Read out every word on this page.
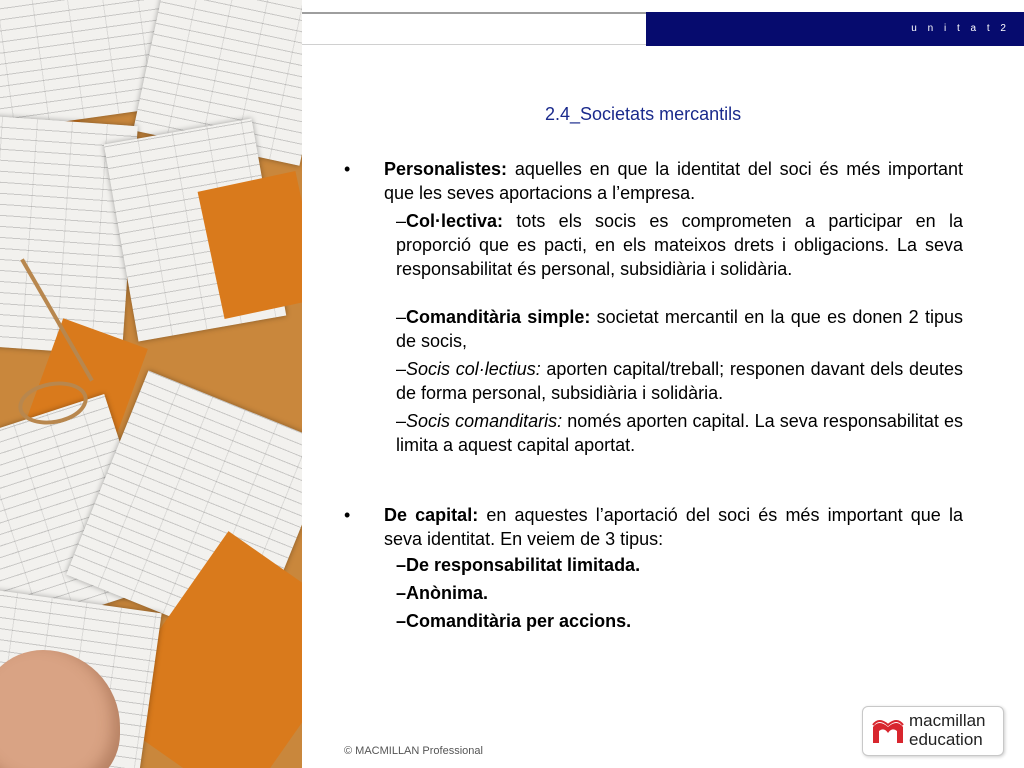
u n i t a t 2
2.4_Societats mercantils
• Personalistes: aquelles en que la identitat del soci és més important que les seves aportacions a l’empresa.
–Col·lectiva: tots els socis es comprometen a participar en la proporció que es pacti, en els mateixos drets i obligacions. La seva responsabilitat és personal, subsidiària i solidària.
–Comanditària simple: societat mercantil en la que es donen 2 tipus de socis,
–Socis col·lectius: aporten capital/treball; responen davant dels deutes de forma personal, subsidiària i solidària.
–Socis comanditaris: només aporten capital. La seva responsabilitat es limita a aquest capital aportat.
• De capital: en aquestes l’aportació del soci és més important que la seva identitat. En veiem de 3 tipus:
–De responsabilitat limitada.
–Anònima.
–Comanditària per accions.
© MACMILLAN Professional
macmillan
education
